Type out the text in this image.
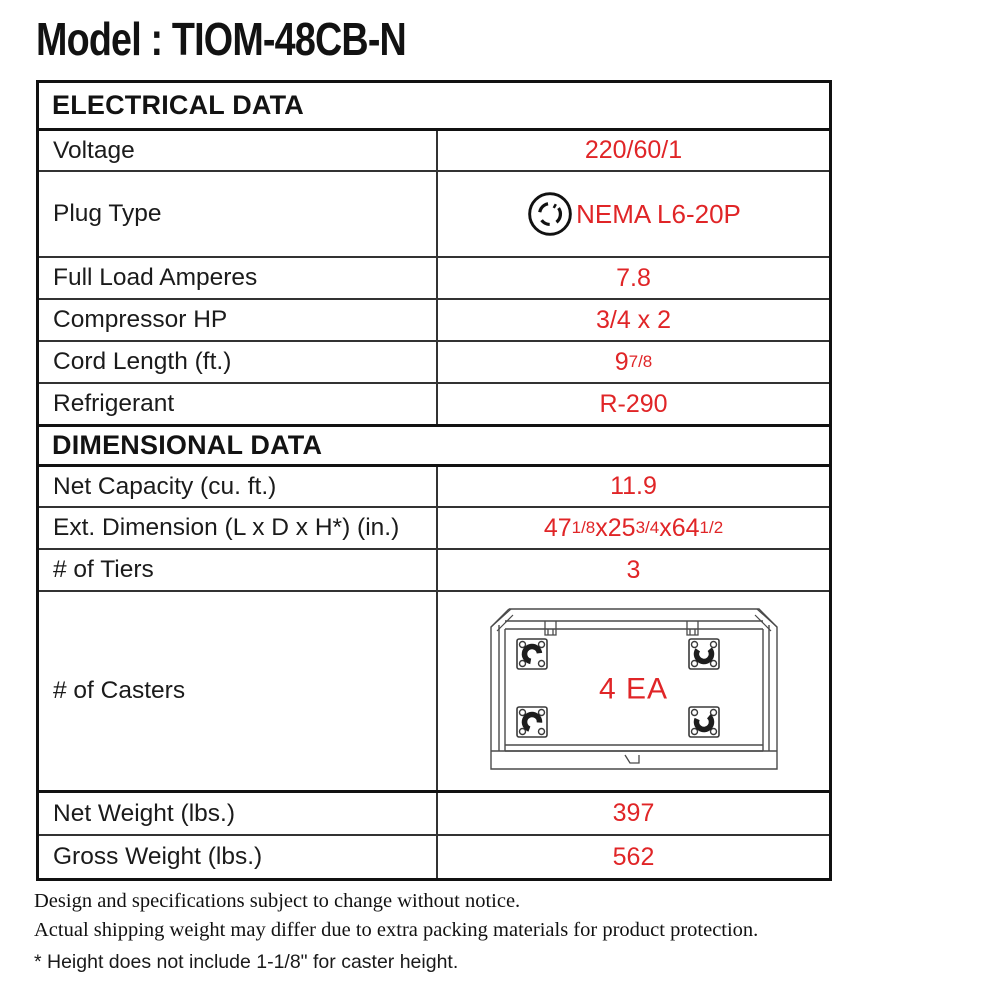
Model : TIOM-48CB-N
ELECTRICAL DATA
Voltage	220/60/1
Plug Type	NEMA L6-20P
Full Load Amperes	7.8
Compressor HP	3/4 x 2
Cord Length (ft.)	9 7/8
Refrigerant	R-290
DIMENSIONAL DATA
Net Capacity (cu. ft.)	11.9
Ext. Dimension (L x D x H*) (in.)	47 1/8 x 25 3/4 x 64 1/2
# of Tiers	3
# of Casters	4 EA
Net Weight (lbs.)	397
Gross Weight (lbs.)	562

Design and specifications subject to change without notice.

Actual shipping weight may differ due to extra packing materials for product protection.

* Height does not include 1-1/8" for caster height.
